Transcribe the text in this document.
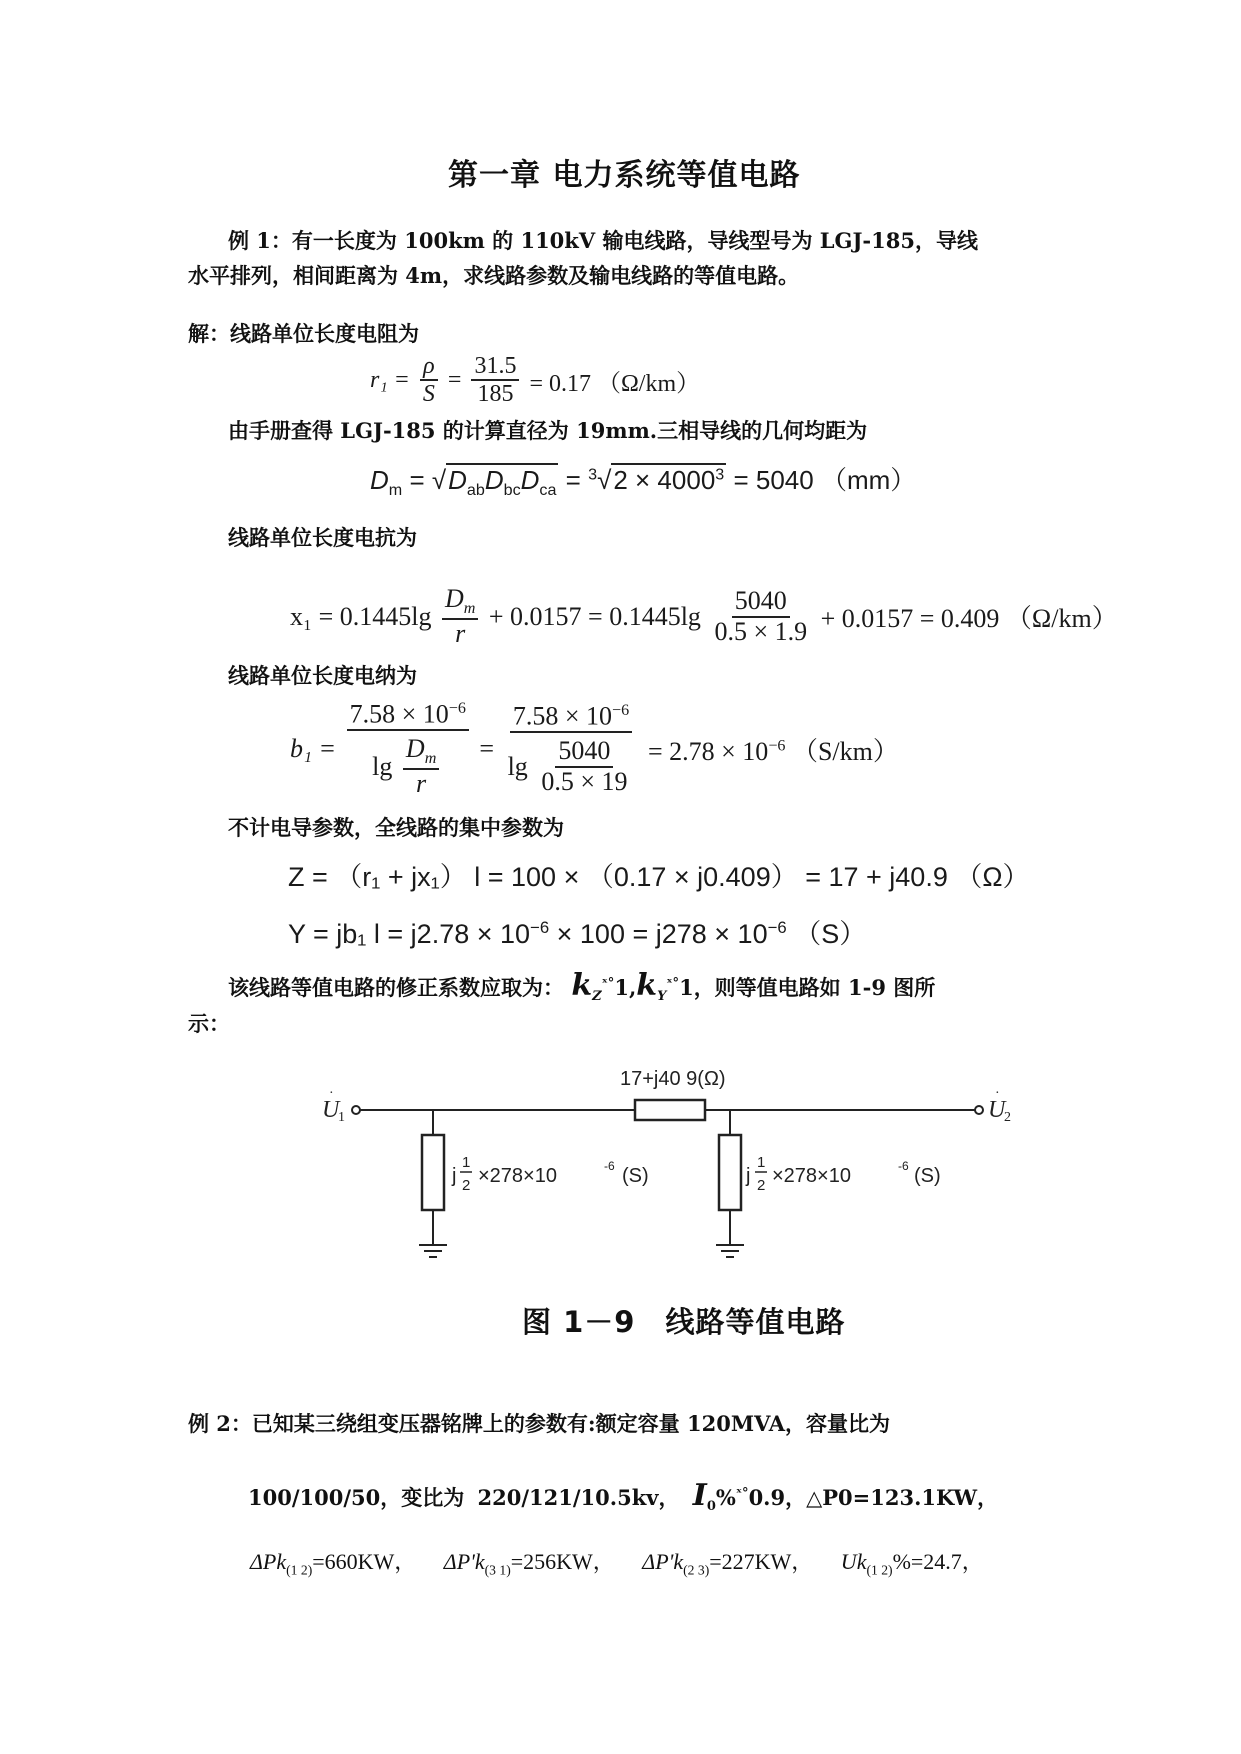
第一章 电力系统等值电路
例 1：有一长度为 100km 的 110kV 输电线路，导线型号为 LGJ-185，导线
水平排列，相间距离为 4m，求线路参数及输电线路的等值电路。
解：线路单位长度电阻为
$r_1 = \frac{\rho}{S} = \frac{31.5}{185} = 0.17$ （Ω/km）
由手册查得 LGJ-185 的计算直径为 19mm.三相导线的几何均距为
$D_m = √D_{ab}D_{bc}D_{ca} = ^3√2 \times 4000^3 = 5040$ （mm）
线路单位长度电抗为
$x_1 = 0.1445\lg \frac{D_m}{r} + 0.0157 = 0.1445\lg \frac{5040}{0.5 \times 1.9} + 0.0157 = 0.409$ （Ω/km）
线路单位长度电纳为
$b_1 = \frac{7.58 \times 10^{-6}}{\lg \frac{D_m}{r}} = \frac{7.58 \times 10^{-6}}{\lg \frac{5040}{0.5 \times 19}} = 2.78 \times 10^{-6}$ （S/km）
不计电导参数，全线路的集中参数为
Z = （r₁ + jx₁） l = 100 × （0.17 × j0.409） = 17 + j40.9 （Ω）
Y = jb₁ $l = j2.78 \times 10^{-6} \times 100 = j278 \times 10^{-6}$ （S）
该线路等值电路的修正系数应取为： $k_Z^{ˣ^\circ}1,k_Y^{ˣ^\circ}1$，则等值电路如 1-9 图所
示：
17+j40 9(Ω)
U
1
·
U
2
·
j
1
2 ×278×10	-6 (S)	j
1
2 ×278×10	-6 (S)
图 1－9　线路等值电路
例 2：已知某三绕组变压器铭牌上的参数有:额定容量 120MVA，容量比为
100/100/50，变比为 220/121/10.5kv， $I_0\%^{ˣ^\circ}0.9$，△P0=123.1KW，
ΔPk$_{(1 2)}$=660KW， $\Delta P'k_{(3 1)}=256KW$， $\Delta P'k_{(2 3)}=227KW$， $Uk_{(1 2)}\%=24.7$，
